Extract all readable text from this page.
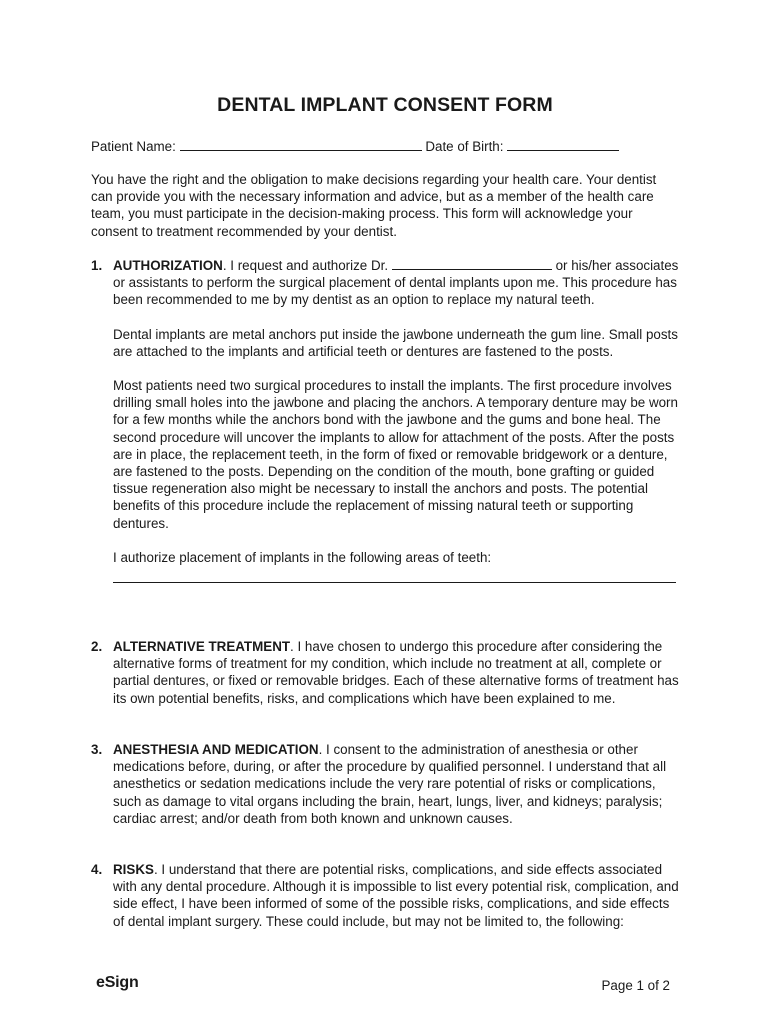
DENTAL IMPLANT CONSENT FORM
Patient Name:	Date of Birth:
You have the right and the obligation to make decisions regarding your health care. Your dentist can provide you with the necessary information and advice, but as a member of the health care team, you must participate in the decision-making process. This form will acknowledge your consent to treatment recommended by your dentist.
1. AUTHORIZATION. I request and authorize Dr.	or his/her associates or assistants to perform the surgical placement of dental implants upon me. This procedure has been recommended to me by my dentist as an option to replace my natural teeth.

Dental implants are metal anchors put inside the jawbone underneath the gum line. Small posts are attached to the implants and artificial teeth or dentures are fastened to the posts.

Most patients need two surgical procedures to install the implants. The first procedure involves drilling small holes into the jawbone and placing the anchors. A temporary denture may be worn for a few months while the anchors bond with the jawbone and the gums and bone heal. The second procedure will uncover the implants to allow for attachment of the posts. After the posts are in place, the replacement teeth, in the form of fixed or removable bridgework or a denture, are fastened to the posts. Depending on the condition of the mouth, bone grafting or guided tissue regeneration also might be necessary to install the anchors and posts. The potential benefits of this procedure include the replacement of missing natural teeth or supporting dentures.

I authorize placement of implants in the following areas of teeth:

2. ALTERNATIVE TREATMENT. I have chosen to undergo this procedure after considering the alternative forms of treatment for my condition, which include no treatment at all, complete or partial dentures, or fixed or removable bridges. Each of these alternative forms of treatment has its own potential benefits, risks, and complications which have been explained to me.

3. ANESTHESIA AND MEDICATION. I consent to the administration of anesthesia or other medications before, during, or after the procedure by qualified personnel. I understand that all anesthetics or sedation medications include the very rare potential of risks or complications, such as damage to vital organs including the brain, heart, lungs, liver, and kidneys; paralysis; cardiac arrest; and/or death from both known and unknown causes.

4. RISKS. I understand that there are potential risks, complications, and side effects associated with any dental procedure. Although it is impossible to list every potential risk, complication, and side effect, I have been informed of some of the possible risks, complications, and side effects of dental implant surgery. These could include, but may not be limited to, the following:

eSign	Page 1 of 2
